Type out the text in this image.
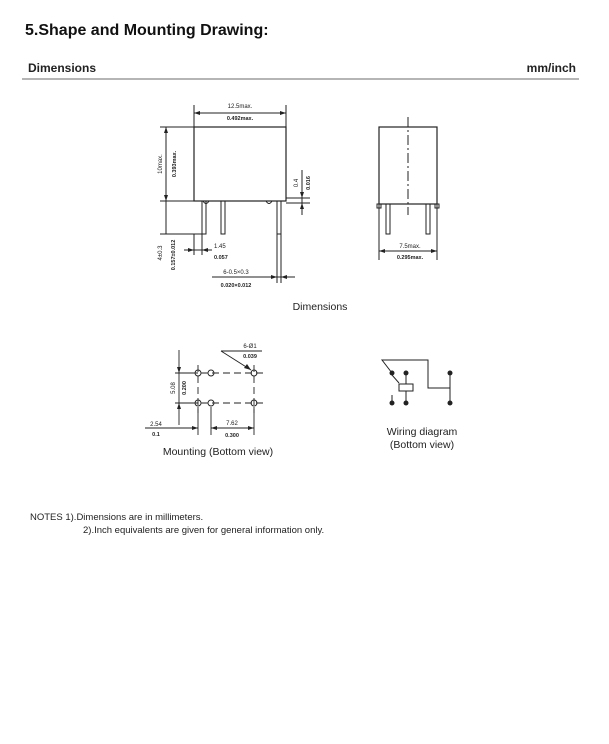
5.Shape and Mounting Drawing:
Dimensions	mm/inch
12.5max.
0.492max.
10max. 0.393max.
0.4 0.016
4±0.3 0.157±0.012	1.45
0.057
6-0.5×0.3
0.020×0.012
7.5max.
0.295max.
Dimensions
6-Ø1
0.039
5.08 0.200
2.54
0.1
7.62
0.300
Mounting (Bottom view)
Wiring diagram
(Bottom view)
NOTES 1).Dimensions are in millimeters.
2).Inch equivalents are given for general information only.
